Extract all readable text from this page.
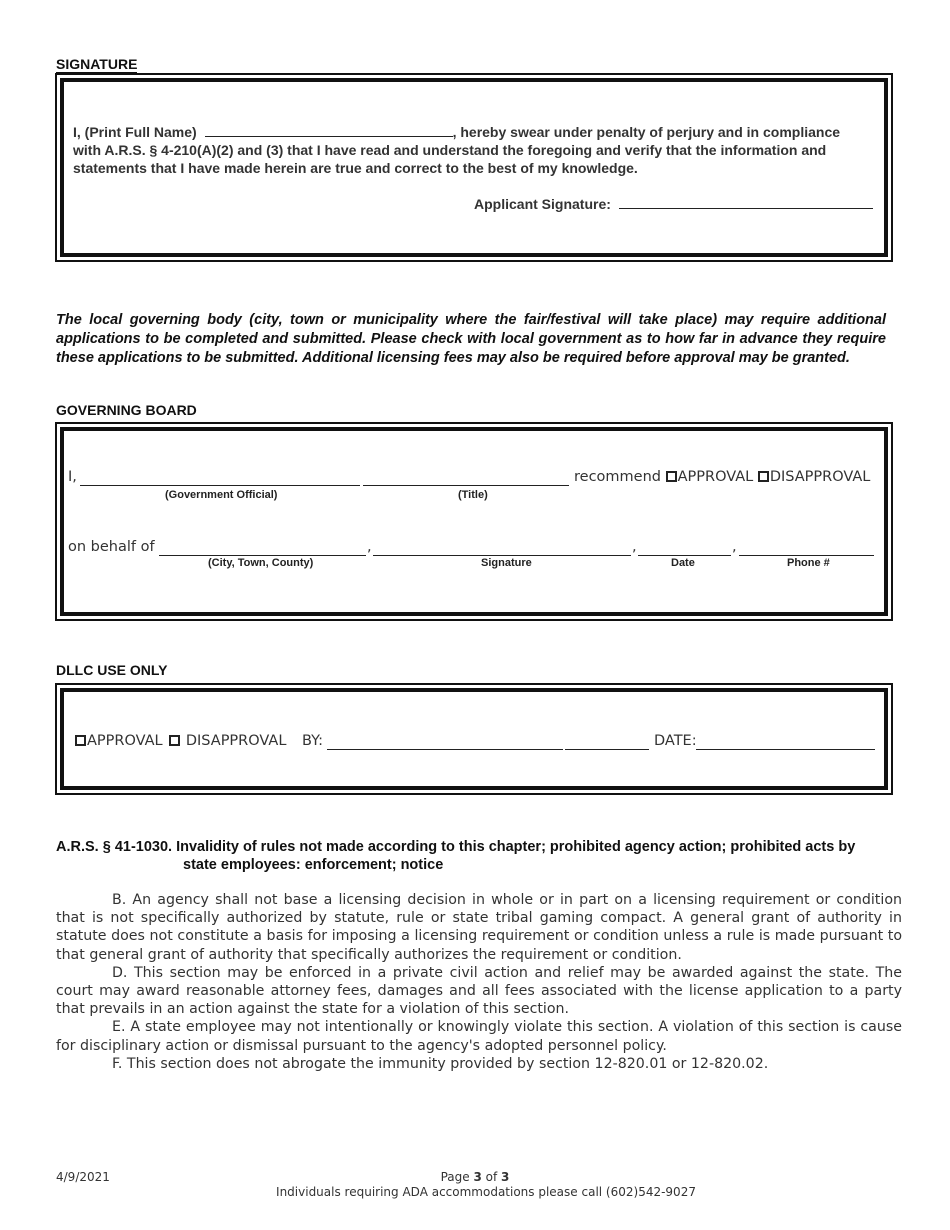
SIGNATURE
I, (Print Full Name)	, hereby swear under penalty of perjury and in compliance
with A.R.S. § 4-210(A)(2) and (3) that I have read and understand the foregoing and verify that the information and
statements that I have made herein are true and correct to the best of my knowledge.
Applicant Signature:
The local governing body (city, town or municipality where the fair/festival will take place) may require additional applications to be completed and submitted. Please check with local government as to how far in advance they require these applications to be submitted. Additional licensing fees may also be required before approval may be granted.
GOVERNING BOARD
I,	recommend APPROVAL DISAPPROVAL
(Government Official)	(Title)
on behalf of	,	,	,
(City, Town, County)	Signature	Date	Phone #
DLLC USE ONLY
APPROVAL DISAPPROVAL BY:	DATE:
A.R.S. § 41-1030. Invalidity of rules not made according to this chapter; prohibited agency action; prohibited acts by
state employees: enforcement; notice

B. An agency shall not base a licensing decision in whole or in part on a licensing requirement or condition that is not specifically authorized by statute, rule or state tribal gaming compact. A general grant of authority in statute does not constitute a basis for imposing a licensing requirement or condition unless a rule is made pursuant to that general grant of authority that specifically authorizes the requirement or condition.

D. This section may be enforced in a private civil action and relief may be awarded against the state. The court may award reasonable attorney fees, damages and all fees associated with the license application to a party that prevails in an action against the state for a violation of this section.

E. A state employee may not intentionally or knowingly violate this section. A violation of this section is cause for disciplinary action or dismissal pursuant to the agency's adopted personnel policy.

F. This section does not abrogate the immunity provided by section 12-820.01 or 12-820.02.

4/9/2021	Page 3 of 3
Individuals requiring ADA accommodations please call (602)542-9027
